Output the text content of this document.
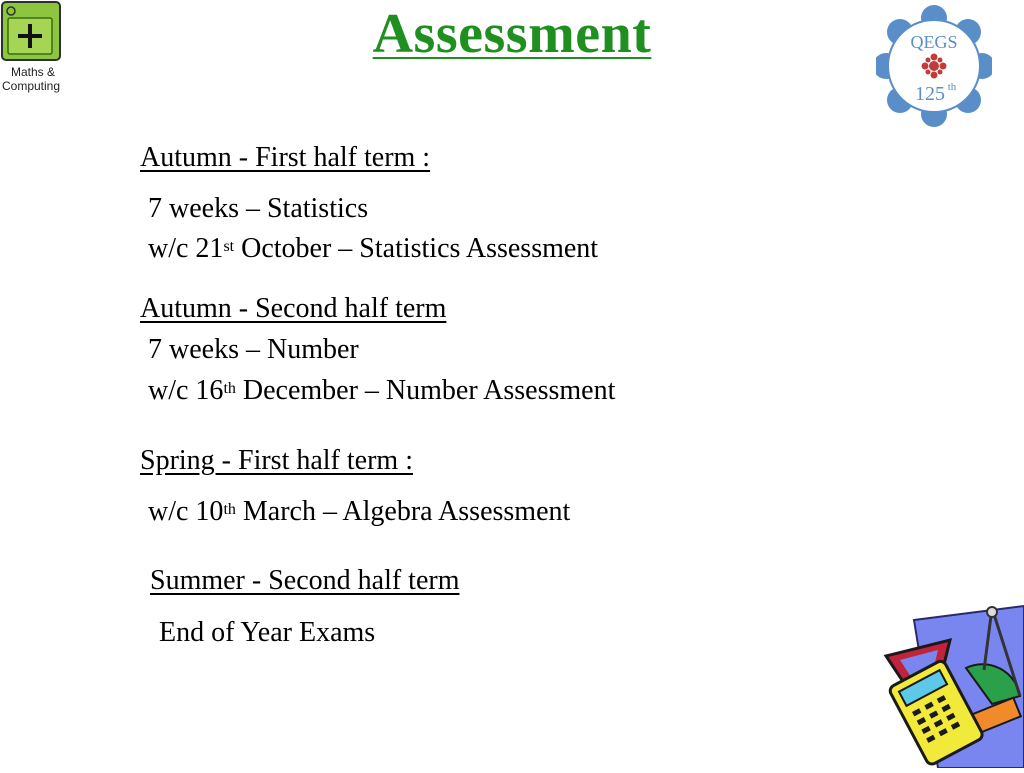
Maths &
Computing
Assessment	QEGS
125 th
Autumn - First half term :
7 weeks – Statistics
w/c 21st October – Statistics Assessment
Autumn - Second half term
7 weeks – Number
w/c 16th December – Number Assessment
Spring - First half term :
w/c 10th March – Algebra Assessment
Summer - Second half term
End of Year Exams
